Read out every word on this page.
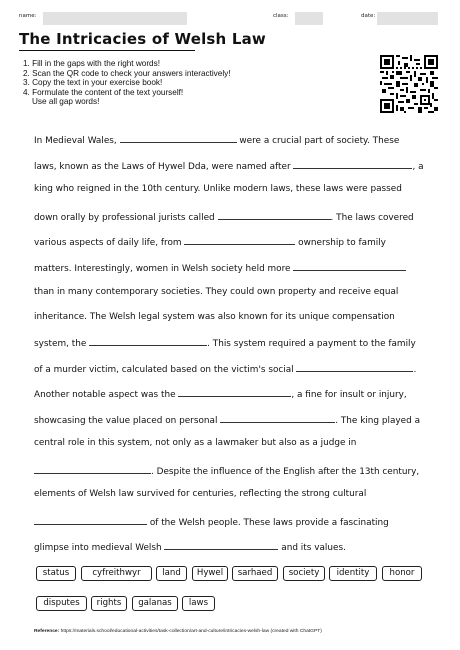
name:	class:	date:
The Intricacies of Welsh Law
1. Fill in the gaps with the right words!
2. Scan the QR code to check your answers interactively!
3. Copy the text in your exercise book!
4. Formulate the content of the text yourself!
Use all gap words!
In Medieval Wales,	were a crucial part of society. These
laws, known as the Laws of Hywel Dda, were named after	, a
king who reigned in the 10th century. Unlike modern laws, these laws were passed
down orally by professional jurists called	. The laws covered
various aspects of daily life, from	ownership to family
matters. Interestingly, women in Welsh society held more
than in many contemporary societies. They could own property and receive equal
inheritance. The Welsh legal system was also known for its unique compensation
system, the	. This system required a payment to the family
of a murder victim, calculated based on the victim's social	.
Another notable aspect was the	, a fine for insult or injury,
showcasing the value placed on personal	. The king played a
central role in this system, not only as a lawmaker but also as a judge in
. Despite the influence of the English after the 13th century,
elements of Welsh law survived for centuries, reflecting the strong cultural
of the Welsh people. These laws provide a fascinating
glimpse into medieval Welsh	and its values.
status	cyfreithwyr	land	Hywel	sarhaed	society	identity	honor
disputes	rights	galanas	laws
Reference: https://materials.school/educational-activities/task-collection/art-and-culture/intricacies-welsh-law (created with ChatGPT)
